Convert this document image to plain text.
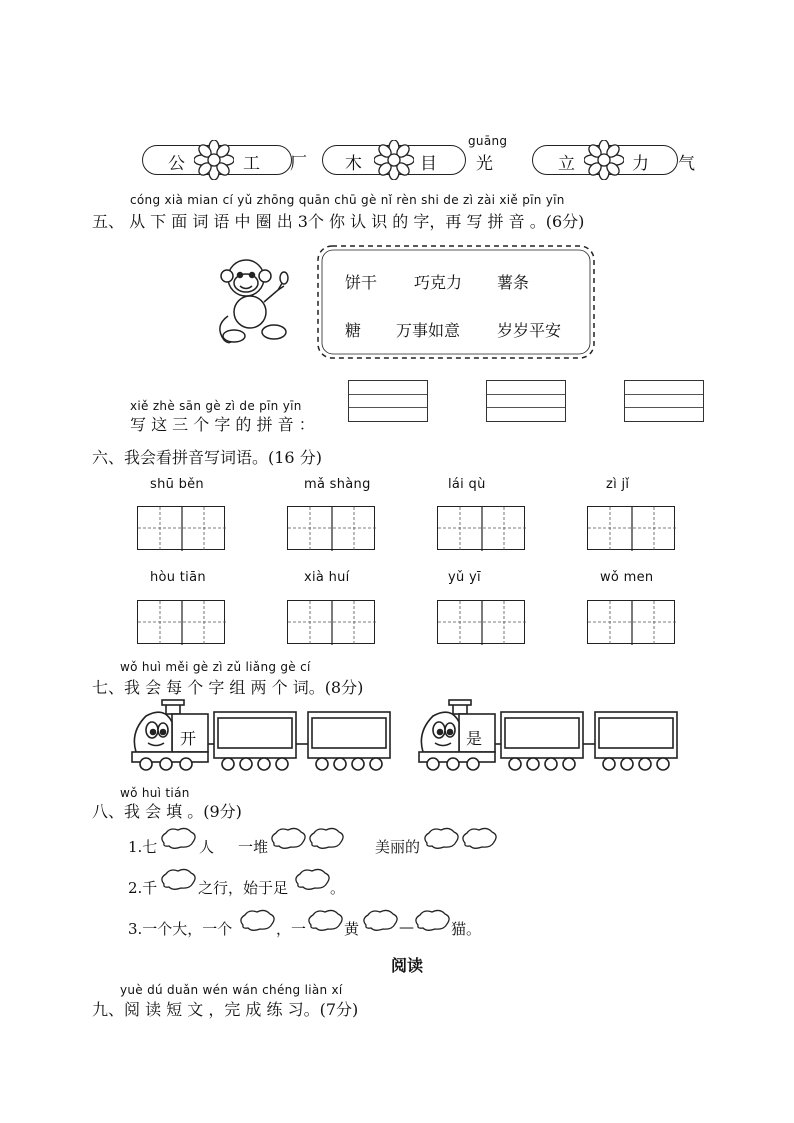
公	工 厂 木	目
guāng
光	立	力 气
cóng xià mian cí yǔ zhōng quān chū gè nǐ rèn shi de zì zài xiě pīn yīn
五、 从 下 面 词 语 中 圈 出 3个 你 认 识 的 字，再 写 拼 音 。(6分)
饼干 巧克力 薯条
糖 万事如意 岁岁平安
xiě zhè sān gè zì de pīn yīn
写 这 三 个 字 的 拼 音 ：
六、我会看拼音写词语。(16 分)
shū běn	mǎ shàng	lái qù	zì jǐ
hòu tiān	xià huí	yǔ yī	wǒ men
wǒ huì měi gè zì zǔ liǎng gè cí
七、我 会 每 个 字 组 两 个 词。(8分)
开	是
wǒ huì tián
八、我 会 填 。(9分)
1.七	人 一堆	美丽的
2.千	之行，始于足	。
3.一个大，一个	，一	黄	— 猫。
阅读
yuè dú duǎn wén wán chéng liàn xí
九、阅 读 短 文 ，完 成 练 习。(7分)
